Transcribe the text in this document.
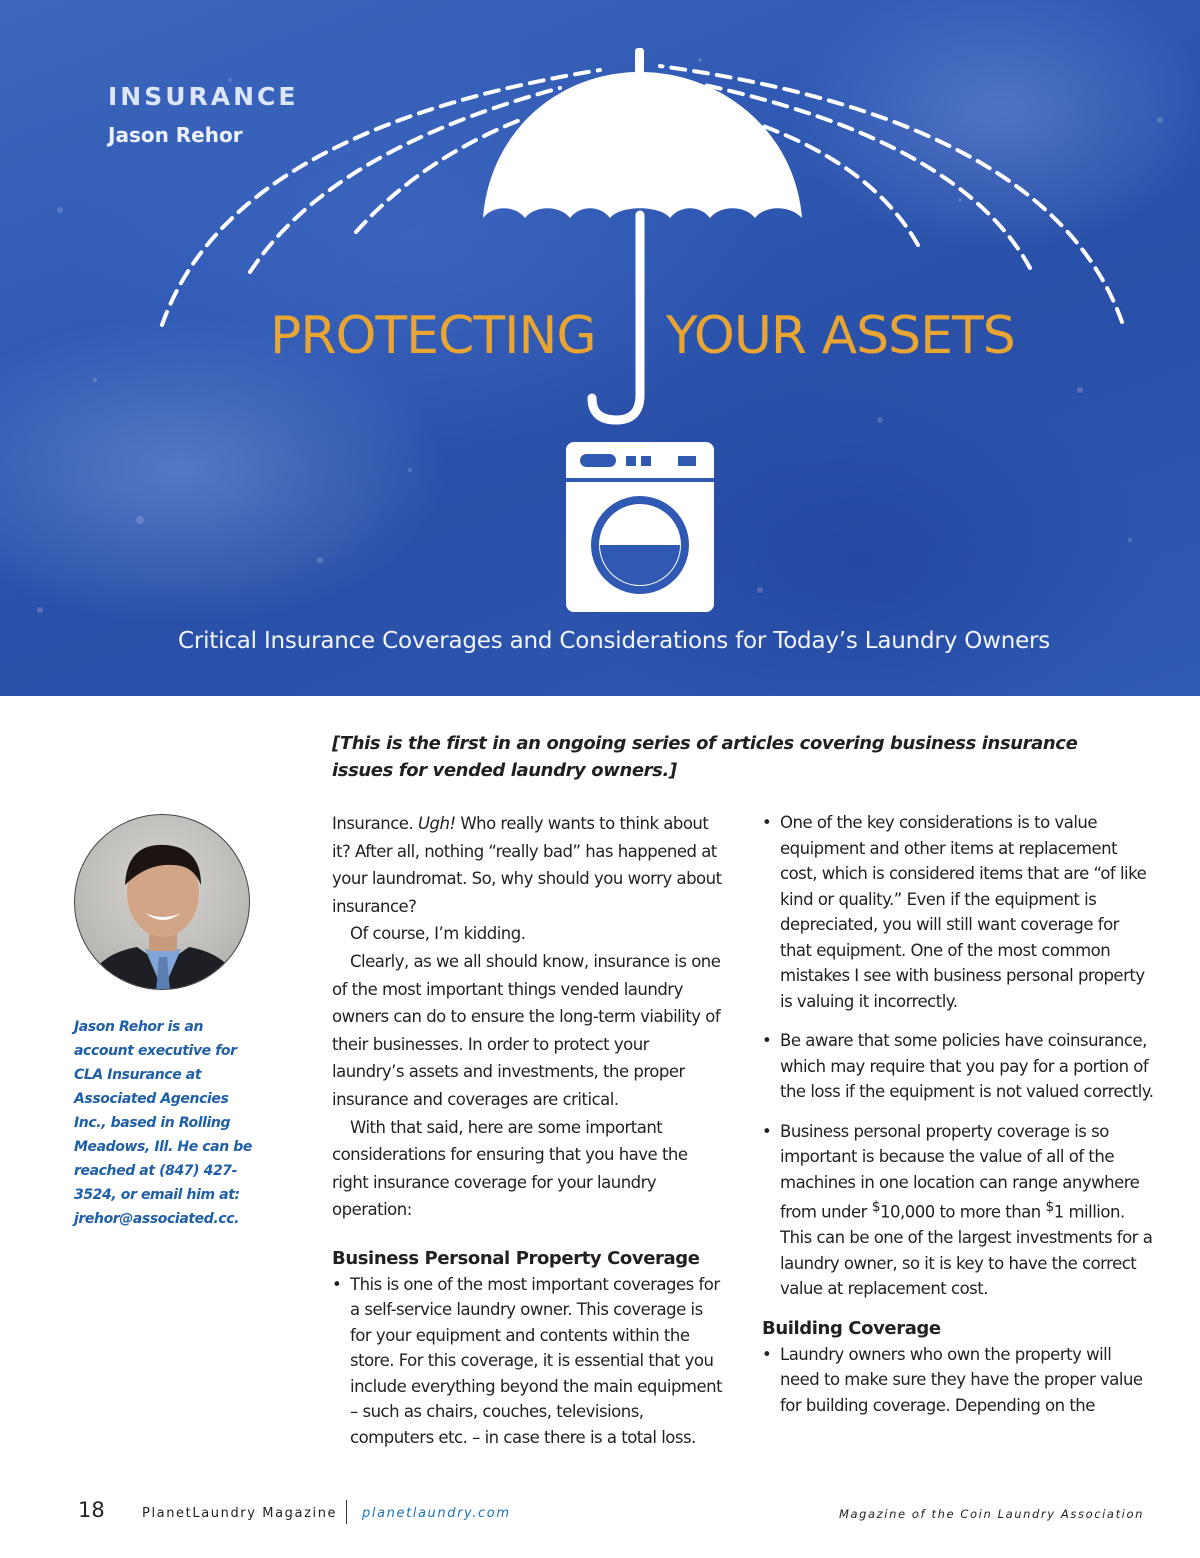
INSURANCE
Jason Rehor
PROTECTING YOUR ASSETS
Critical Insurance Coverages and Considerations for Today’s Laundry Owners
[This is the first in an ongoing series of articles covering business insurance issues for vended laundry owners.]
Jason Rehor is an account executive for CLA Insurance at Associated Agencies Inc., based in Rolling Meadows, Ill. He can be reached at (847) 427-3524, or email him at: jrehor@associated.cc.

Insurance. Ugh! Who really wants to think about it? After all, nothing “really bad” has happened at your laundromat. So, why should you worry about insurance?

Of course, I’m kidding.

Clearly, as we all should know, insurance is one of the most important things vended laundry owners can do to ensure the long-term viability of their businesses. In order to protect your laundry’s assets and investments, the proper insurance and coverages are critical.

With that said, here are some important considerations for ensuring that you have the right insurance coverage for your laundry operation:

Business Personal Property Coverage
• This is one of the most important coverages for a self-service laundry owner. This coverage is for your equipment and contents within the store. For this coverage, it is essential that you include everything beyond the main equipment – such as chairs, couches, televisions, computers etc. – in case there is a total loss.
• One of the key considerations is to value equipment and other items at replacement cost, which is considered items that are “of like kind or quality.” Even if the equipment is depreciated, you will still want coverage for that equipment. One of the most common mistakes I see with business personal property is valuing it incorrectly.
• Be aware that some policies have coinsurance, which may require that you pay for a portion of the loss if the equipment is not valued correctly.
• Business personal property coverage is so important is because the value of all of the machines in one location can range anywhere from under $10,000 to more than $1 million. This can be one of the largest investments for a laundry owner, so it is key to have the correct value at replacement cost.
Building Coverage
• Laundry owners who own the property will need to make sure they have the proper value for building coverage. Depending on the
18	PlanetLaundry Magazine planetlaundry.com	Magazine of the Coin Laundry Association
